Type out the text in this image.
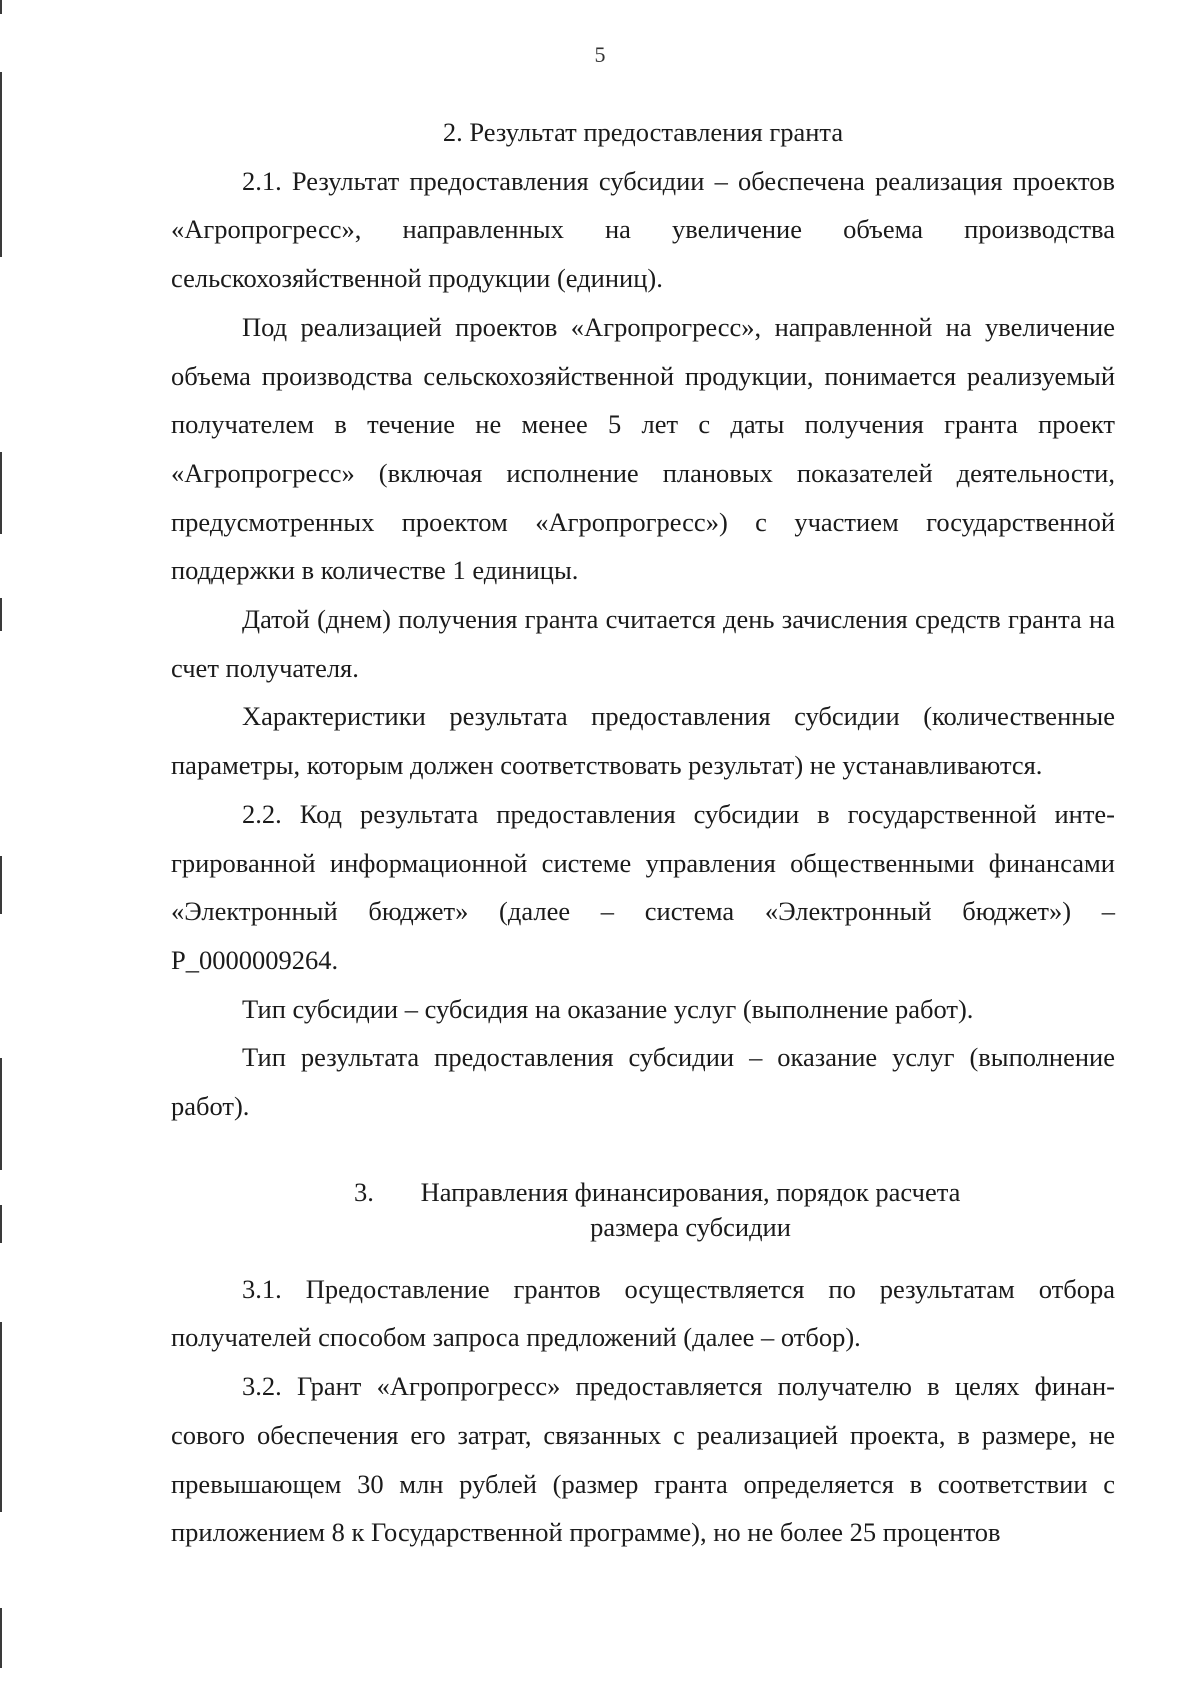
5

2. Результат предоставления гранта

2.1. Результат предоставления субсидии – обеспечена реализация проектов «Агропрогресс», направленных на увеличение объема производства сельскохозяйственной продукции (единиц).

Под реализацией проектов «Агропрогресс», направленной на увеличение объема производства сельскохозяйственной продукции, понимается реализуемый получателем в течение не менее 5 лет с даты получения гранта проект «Агропрогресс» (включая исполнение плановых показателей деятельности, предусмотренных проектом «Агропрогресс») с участием государственной поддержки в количестве 1 единицы.

Датой (днем) получения гранта считается день зачисления средств гранта на счет получателя.

Характеристики результата предоставления субсидии (количественные параметры, которым должен соответствовать результат) не устанавливаются.

2.2. Код результата предоставления субсидии в государственной интегрированной информационной системе управления общественными финансами «Электронный бюджет» (далее – система «Электронный бюджет») – P_0000009264.

Тип субсидии – субсидия на оказание услуг (выполнение работ).

Тип результата предоставления субсидии – оказание услуг (выполнение работ).

3.	Направления финансирования, порядок расчета
размера субсидии

3.1. Предоставление грантов осуществляется по результатам отбора получателей способом запроса предложений (далее – отбор).

3.2. Грант «Агропрогресс» предоставляется получателю в целях финансового обеспечения его затрат, связанных с реализацией проекта, в размере, не превышающем 30 млн рублей (размер гранта определяется в соответствии с приложением 8 к Государственной программе), но не более 25 процентов
